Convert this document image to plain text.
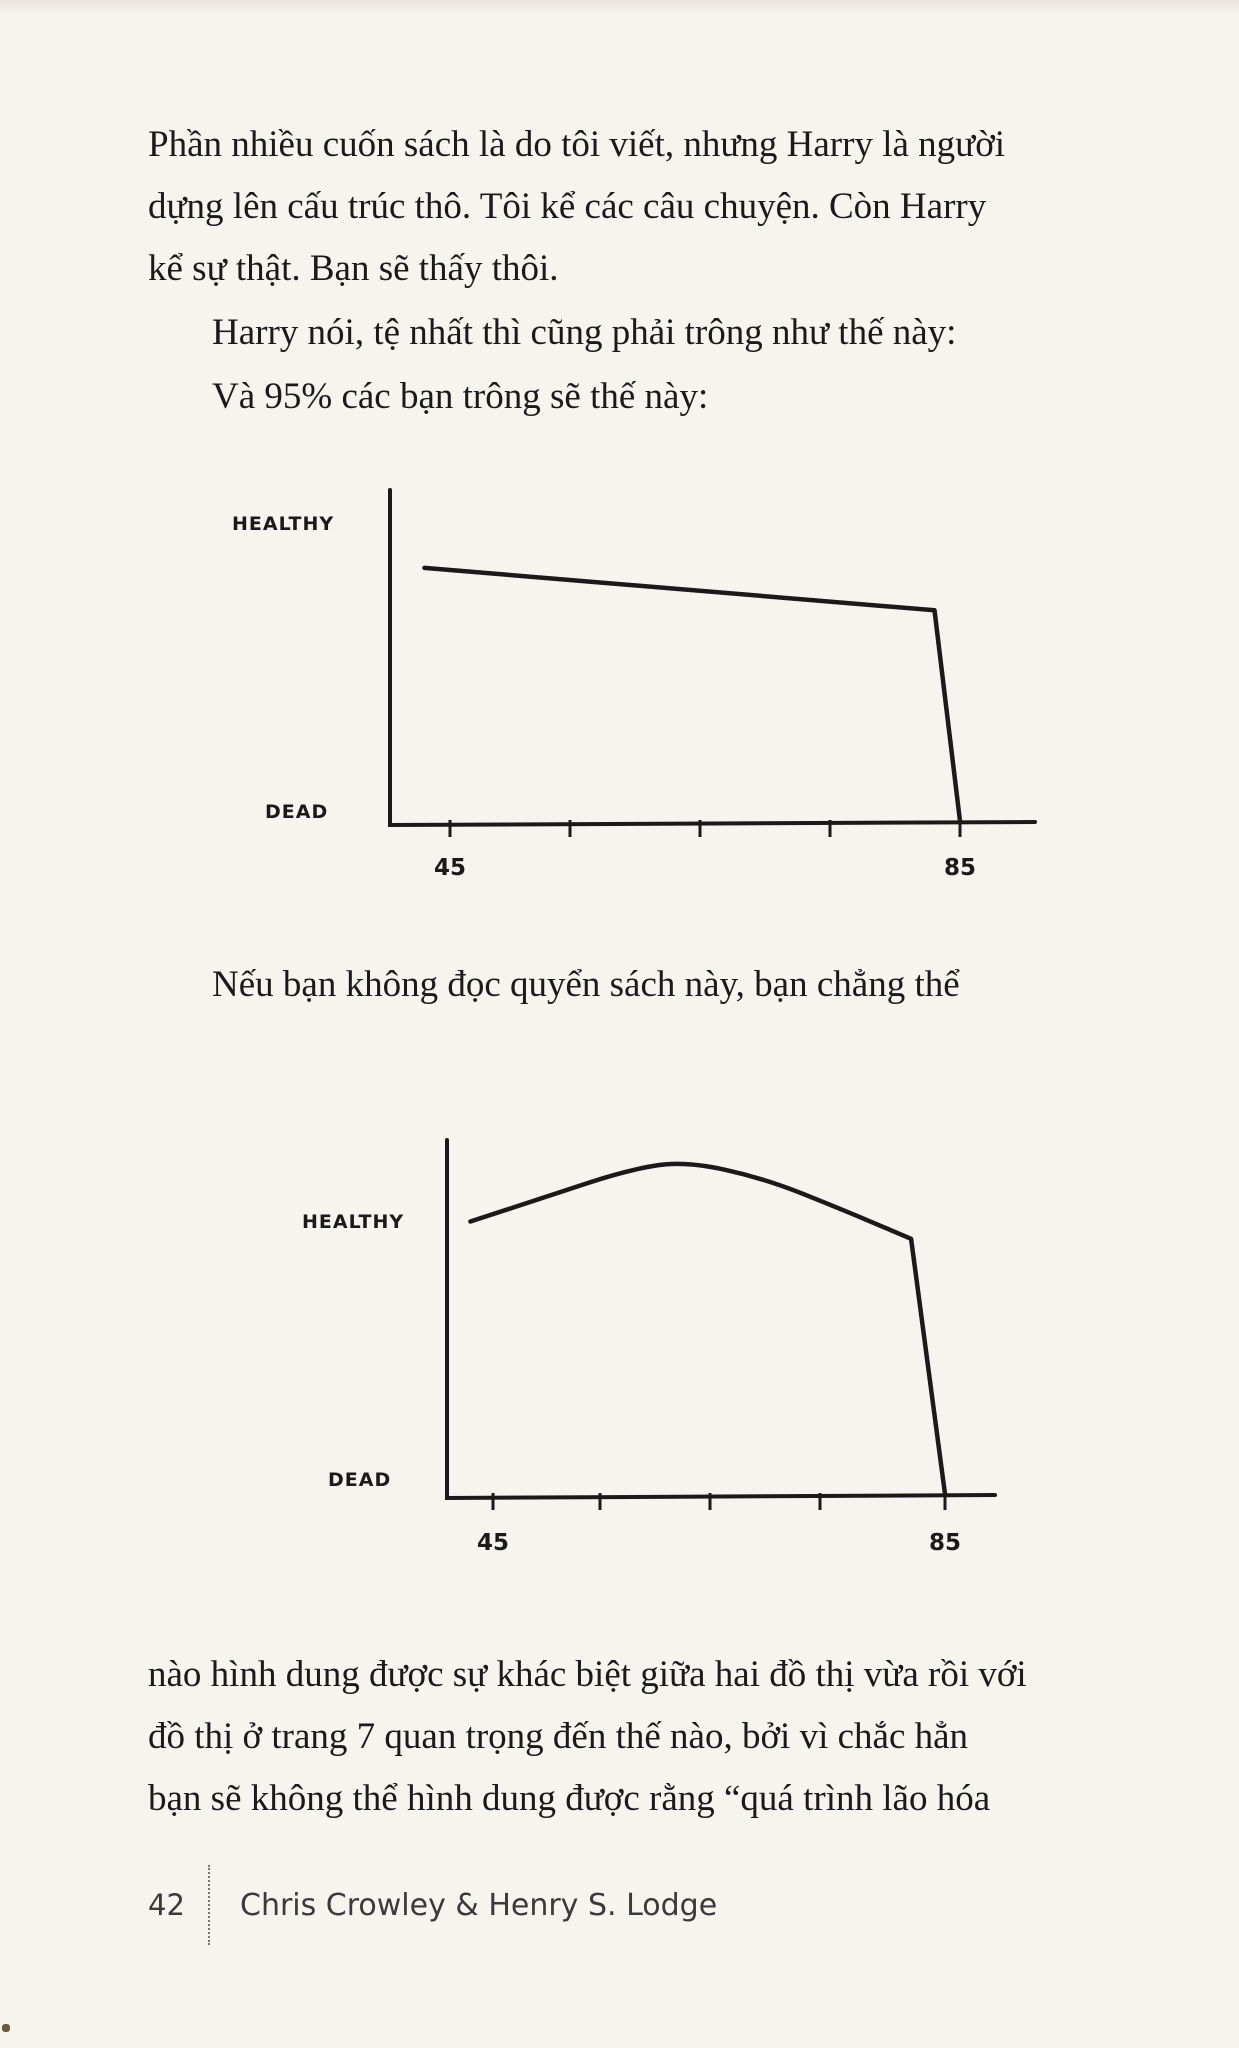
Phần nhiều cuốn sách là do tôi viết, nhưng Harry là người
dựng lên cấu trúc thô. Tôi kể các câu chuyện. Còn Harry
kể sự thật. Bạn sẽ thấy thôi.

Harry nói, tệ nhất thì cũng phải trông như thế này:

Và 95% các bạn trông sẽ thế này:

HEALTHY
DEAD
45	85

Nếu bạn không đọc quyển sách này, bạn chẳng thể

HEALTHY
DEAD
45	85

nào hình dung được sự khác biệt giữa hai đồ thị vừa rồi với
đồ thị ở trang 7 quan trọng đến thế nào, bởi vì chắc hẳn
bạn sẽ không thể hình dung được rằng “quá trình lão hóa

42	Chris Crowley & Henry S. Lodge
